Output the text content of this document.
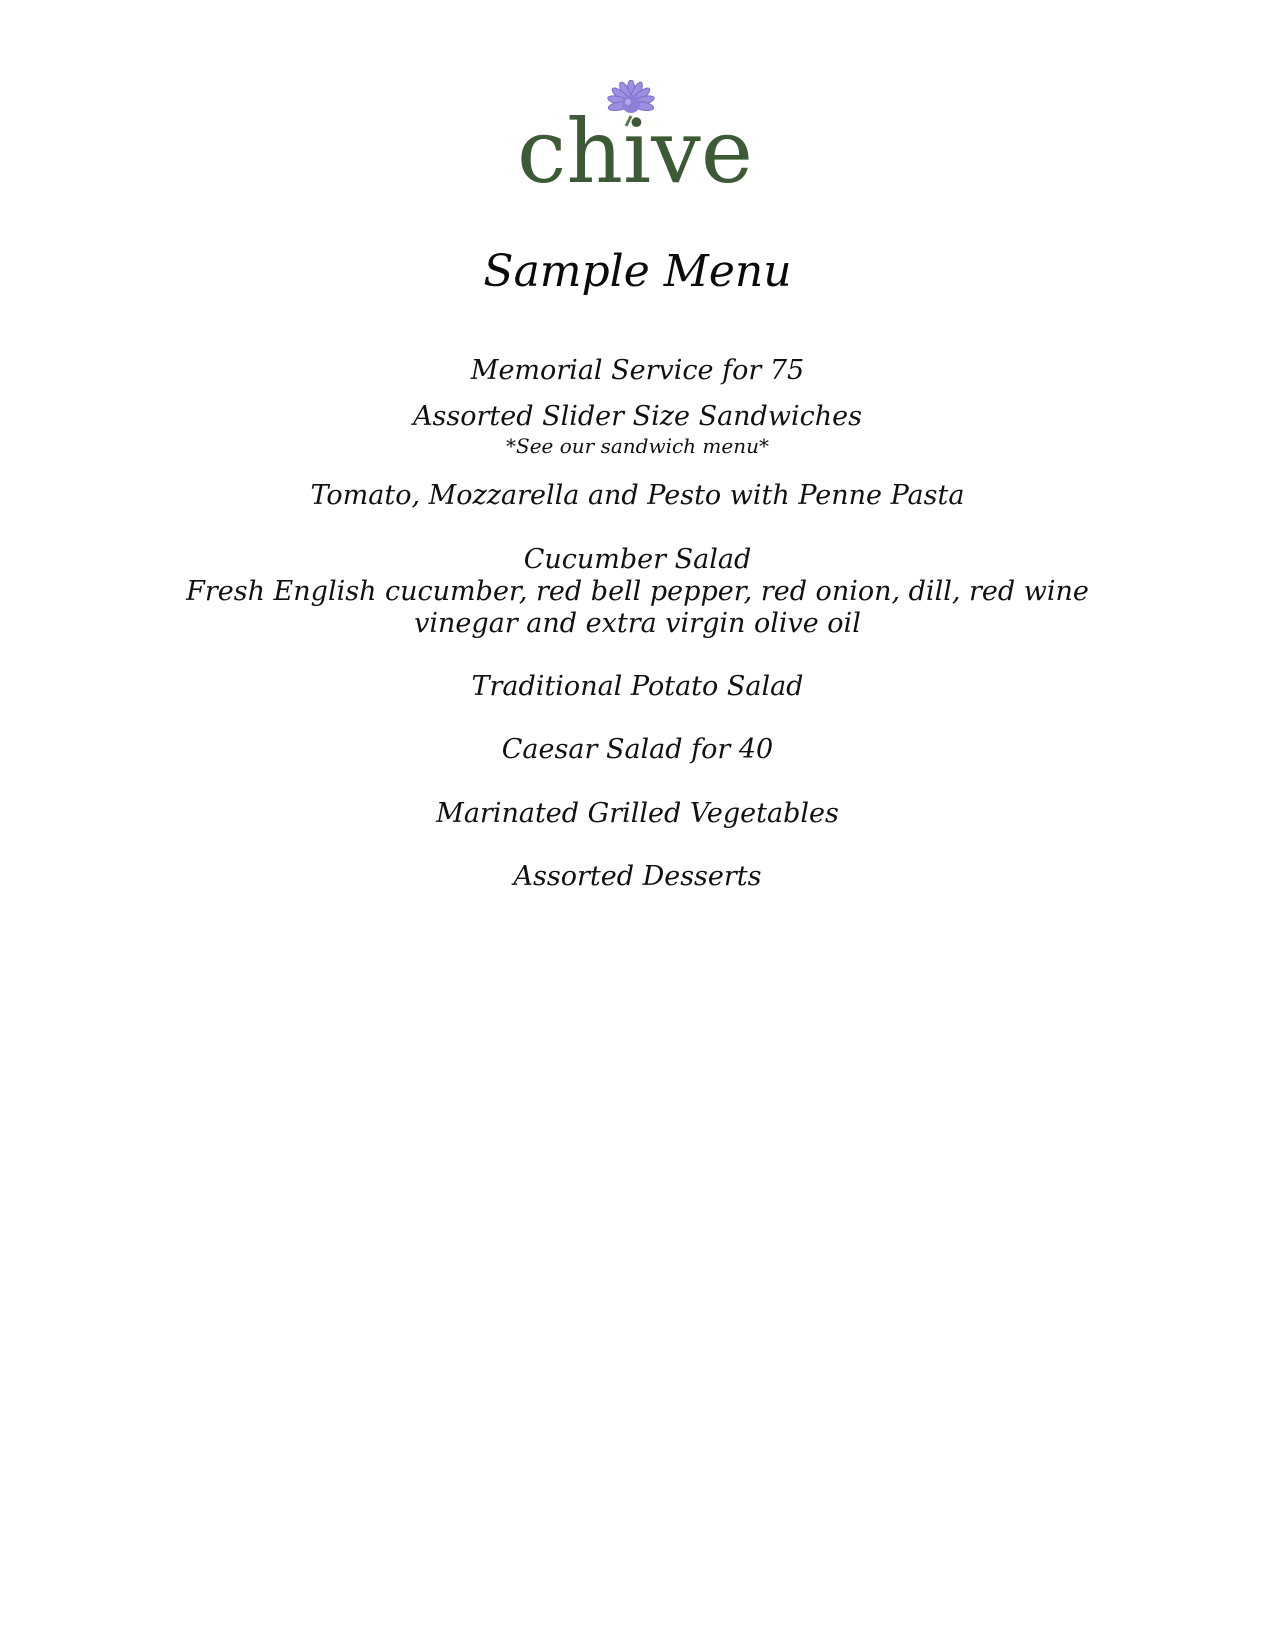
chive
Sample Menu
Memorial Service for 75
Assorted Slider Size Sandwiches
*See our sandwich menu*
Tomato, Mozzarella and Pesto with Penne Pasta
Cucumber Salad
Fresh English cucumber, red bell pepper, red onion, dill, red wine
vinegar and extra virgin olive oil
Traditional Potato Salad
Caesar Salad for 40
Marinated Grilled Vegetables
Assorted Desserts
